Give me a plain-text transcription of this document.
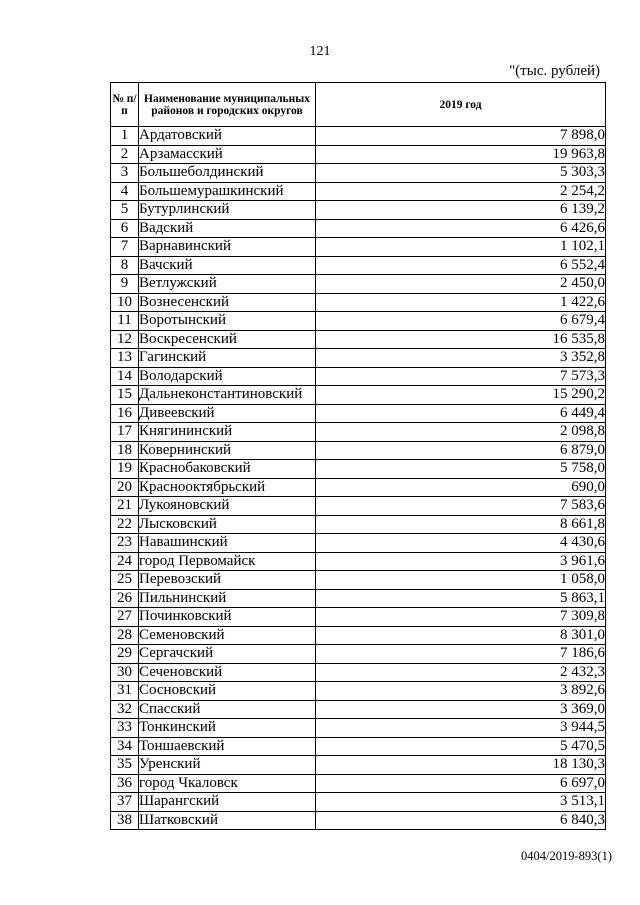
121
"(тыс. рублей)
№ п/п	Наименование муниципальных районов и городских округов	2019 год
1	Ардатовский	7 898,0
2	Арзамасский	19 963,8
3	Большеболдинский	5 303,3
4	Большемурашкинский	2 254,2
5	Бутурлинский	6 139,2
6	Вадский	6 426,6
7	Варнавинский	1 102,1
8	Вачский	6 552,4
9	Ветлужский	2 450,0
10	Вознесенский	1 422,6
11	Воротынский	6 679,4
12	Воскресенский	16 535,8
13	Гагинский	3 352,8
14	Володарский	7 573,3
15	Дальнеконстантиновский	15 290,2
16	Дивеевский	6 449,4
17	Княгининский	2 098,8
18	Ковернинский	6 879,0
19	Краснобаковский	5 758,0
20	Краснооктябрьский	690,0
21	Лукояновский	7 583,6
22	Лысковский	8 661,8
23	Навашинский	4 430,6
24	город Первомайск	3 961,6
25	Перевозский	1 058,0
26	Пильнинский	5 863,1
27	Починковский	7 309,8
28	Семеновский	8 301,0
29	Сергачский	7 186,6
30	Сеченовский	2 432,3
31	Сосновский	3 892,6
32	Спасский	3 369,0
33	Тонкинский	3 944,5
34	Тоншаевский	5 470,5
35	Уренский	18 130,3
36	город Чкаловск	6 697,0
37	Шарангский	3 513,1
38	Шатковский	6 840,3
0404/2019-893(1)
